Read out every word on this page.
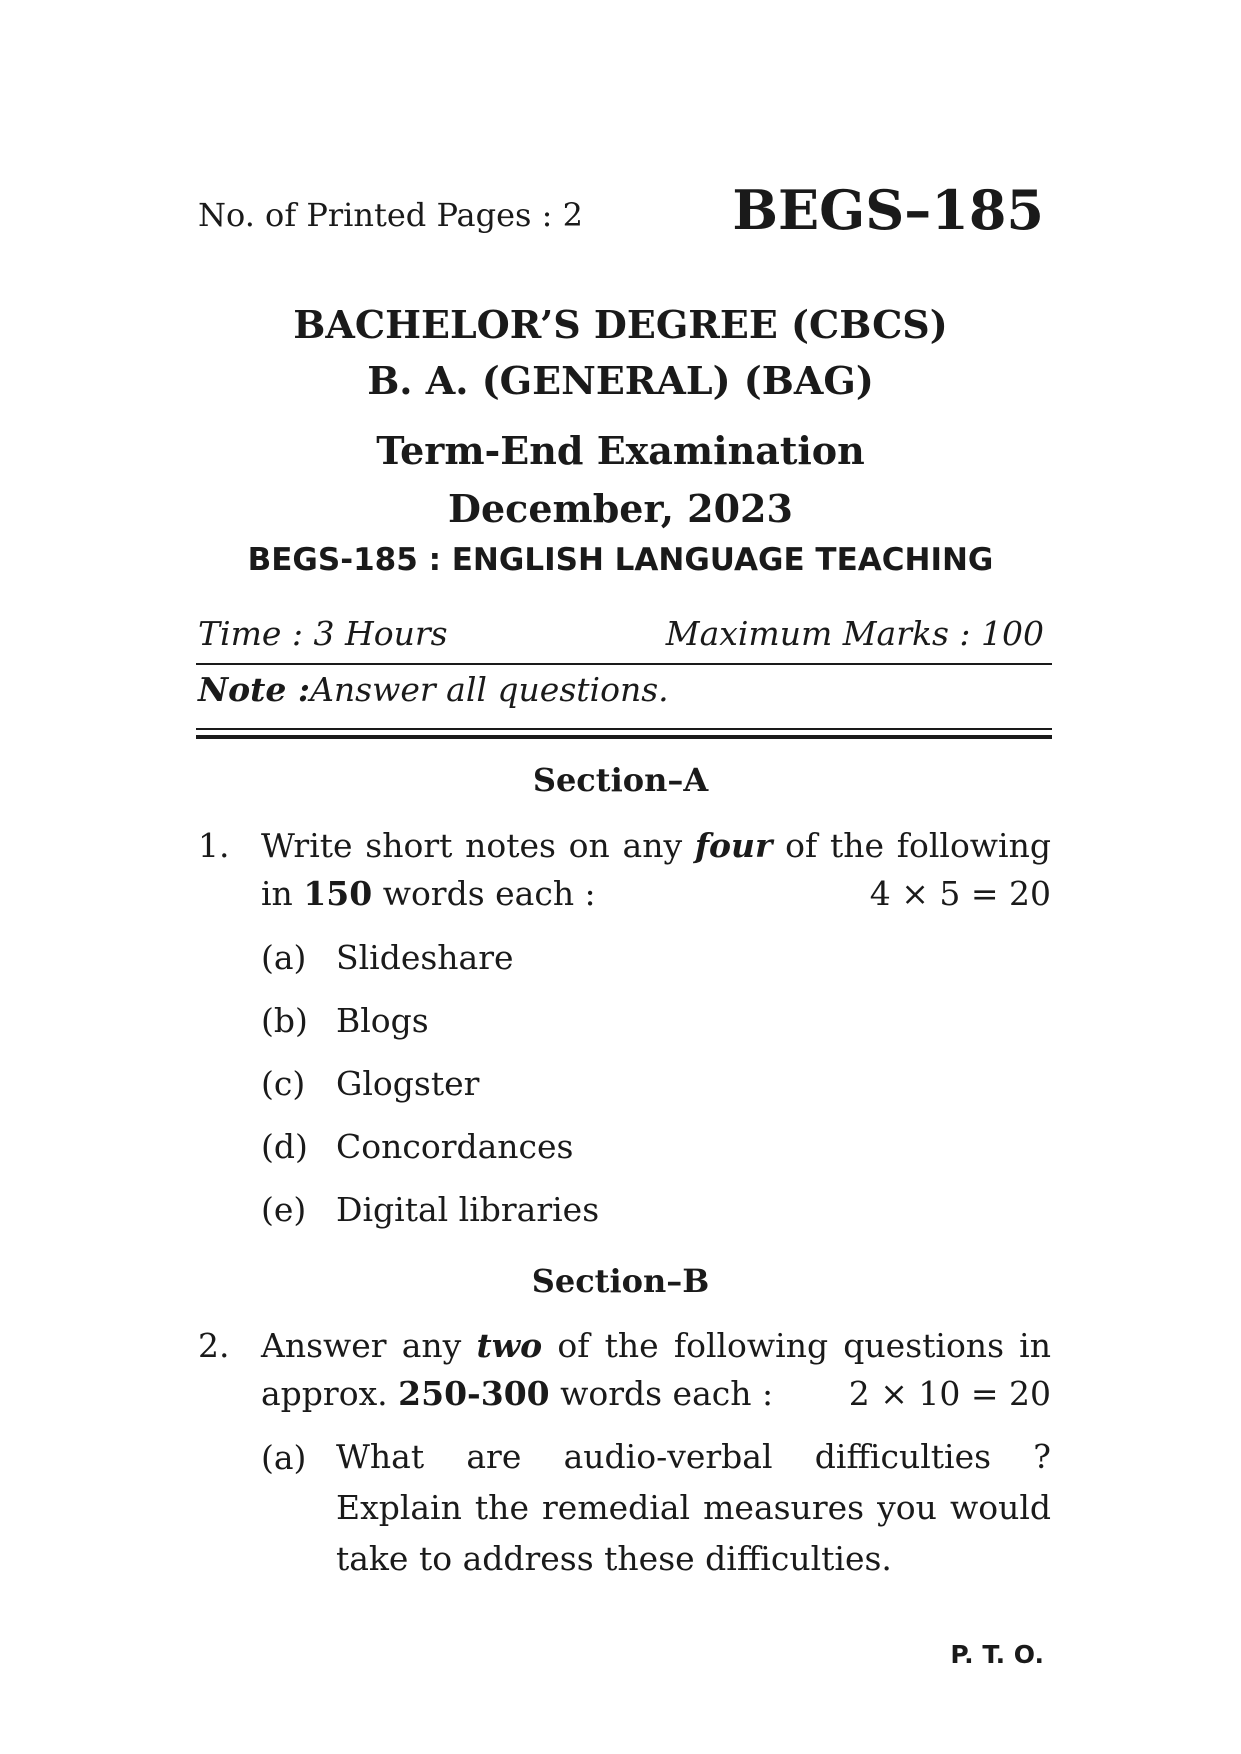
No. of Printed Pages : 2	BEGS–185
BACHELOR’S DEGREE (CBCS)
B. A. (GENERAL) (BAG)
Term-End Examination
December, 2023
BEGS-185 : ENGLISH LANGUAGE TEACHING
Time : 3 Hours	Maximum Marks : 100
Note :Answer all questions.
Section–A
1. Write short notes on any four of the following
in 150 words each :	4 × 5 = 20
(a) Slideshare
(b) Blogs
(c) Glogster
(d) Concordances
(e) Digital libraries
Section–B
2. Answer any two of the following questions in
approx. 250-300 words each : 2 × 10 = 20
(a) What are audio-verbal difficulties ?
Explain the remedial measures you would
take to address these difficulties.
P. T. O.
